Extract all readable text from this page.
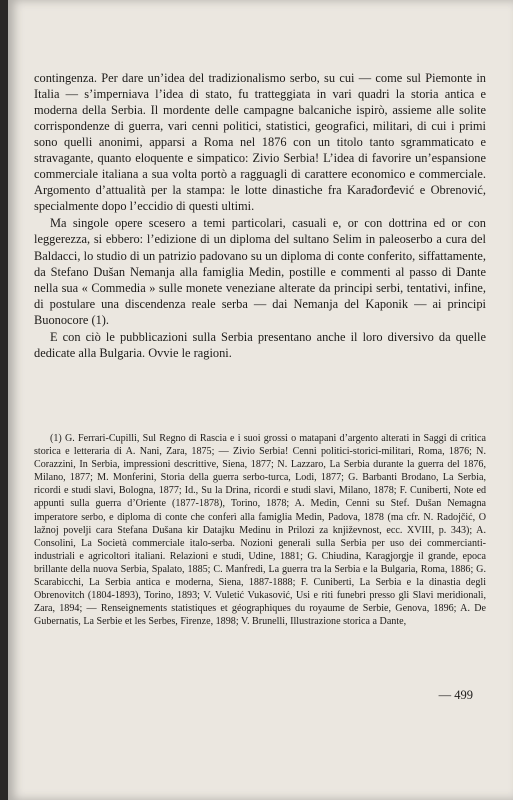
contingenza. Per dare un’idea del tradizionalismo serbo, su cui — come sul Piemonte in Italia — s’imperniava l’idea di stato, fu tratteggiata in vari quadri la storia antica e moderna della Serbia. Il mordente delle campagne balcaniche ispirò, assieme alle solite corrispondenze di guerra, vari cenni politici, statistici, geografici, militari, di cui i primi sono quelli anonimi, apparsi a Roma nel 1876 con un titolo tanto sgrammaticato e stravagante, quanto eloquente e simpatico: Zivio Serbia! L’idea di favorire un’espansione commerciale italiana a sua volta portò a ragguagli di carattere economico e commerciale. Argomento d’attualità per la stampa: le lotte dinastiche fra Karađorđević e Obrenović, specialmente dopo l’eccidio di questi ultimi.

Ma singole opere scesero a temi particolari, casuali e, or con dottrina ed or con leggerezza, si ebbero: l’edizione di un diploma del sultano Selim in paleoserbo a cura del Baldacci, lo studio di un patrizio padovano su un diploma di conte conferito, siffattamente, da Stefano Dušan Nemanja alla famiglia Medin, postille e commenti al passo di Dante nella sua « Commedia » sulle monete veneziane alterate da principi serbi, tentativi, infine, di postulare una discendenza reale serba — dai Nemanja del Kaponik — ai principi Buonocore (1).

E con ciò le pubblicazioni sulla Serbia presentano anche il loro diversivo da quelle dedicate alla Bulgaria. Ovvie le ragioni.

(1) G. Ferrari-Cupilli, Sul Regno di Rascia e i suoi grossi o matapani d’argento alterati in Saggi di critica storica e letteraria di A. Nani, Zara, 1875; — Zivio Serbia! Cenni politici-storici-militari, Roma, 1876; N. Corazzini, In Serbia, impressioni descrittive, Siena, 1877; N. Lazzaro, La Serbia durante la guerra del 1876, Milano, 1877; M. Monferini, Storia della guerra serbo-turca, Lodi, 1877; G. Barbanti Brodano, La Serbia, ricordi e studi slavi, Bologna, 1877; Id., Su la Drina, ricordi e studi slavi, Milano, 1878; F. Cuniberti, Note ed appunti sulla guerra d’Oriente (1877-1878), Torino, 1878; A. Medin, Cenni su Stef. Dušan Nemagna imperatore serbo, e diploma di conte che conferì alla famiglia Medin, Padova, 1878 (ma cfr. N. Radojčić, O lažnoj povelji cara Stefana Dušana kir Datajku Medinu in Prilozi za književnost, ecc. XVIII, p. 343); A. Consolini, La Società commerciale italo-serba. Nozioni generali sulla Serbia per uso dei commercianti-industriali e agricoltori italiani. Relazioni e studi, Udine, 1881; G. Chiudina, Karagjorgje il grande, epoca brillante della nuova Serbia, Spalato, 1885; C. Manfredi, La guerra tra la Serbia e la Bulgaria, Roma, 1886; G. Scarabicchi, La Serbia antica e moderna, Siena, 1887-1888; F. Cuniberti, La Serbia e la dinastia degli Obrenovitch (1804-1893), Torino, 1893; V. Vuletić Vukasović, Usi e riti funebri presso gli Slavi meridionali, Zara, 1894; — Renseignements statistiques et géographiques du royaume de Serbie, Genova, 1896; A. De Gubernatis, La Serbie et les Serbes, Firenze, 1898; V. Brunelli, Illustrazione storica a Dante,

— 499
